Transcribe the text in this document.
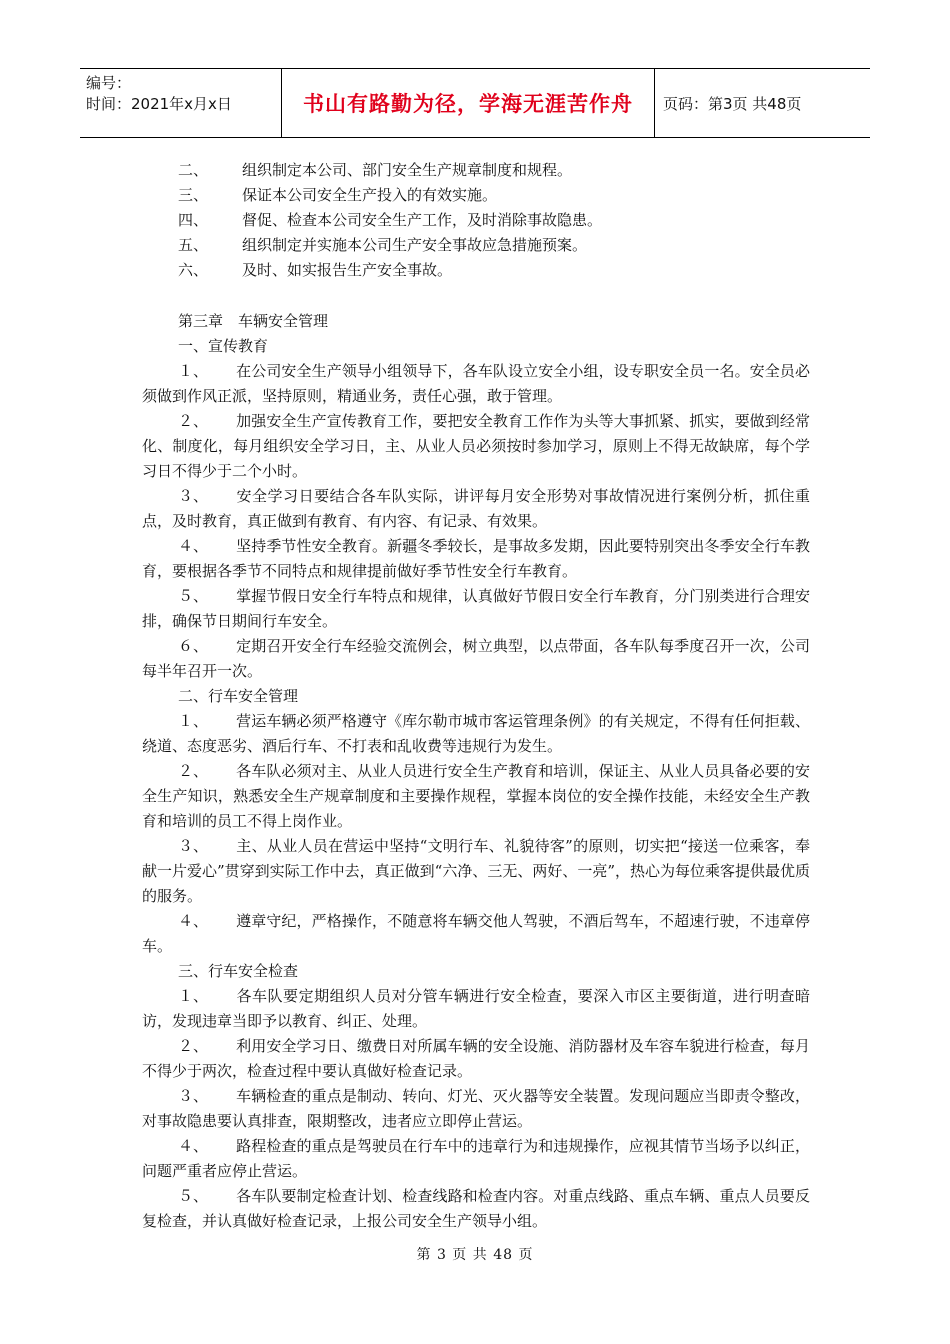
编号：
时间：2021年x月x日	书山有路勤为径，学海无涯苦作舟	页码：第3页 共48页

二、 组织制定本公司、部门安全生产规章制度和规程。

三、 保证本公司安全生产投入的有效实施。

四、 督促、检查本公司安全生产工作，及时消除事故隐患。

五、 组织制定并实施本公司生产安全事故应急措施预案。

六、 及时、如实报告生产安全事故。

第三章　车辆安全管理

一、宣传教育

１、 在公司安全生产领导小组领导下，各车队设立安全小组，设专职安全员一名。安全员必须做到作风正派，坚持原则，精通业务，责任心强，敢于管理。

２、 加强安全生产宣传教育工作，要把安全教育工作作为头等大事抓紧、抓实，要做到经常化、制度化，每月组织安全学习日，主、从业人员必须按时参加学习，原则上不得无故缺席，每个学习日不得少于二个小时。

３、 安全学习日要结合各车队实际，讲评每月安全形势对事故情况进行案例分析，抓住重点，及时教育，真正做到有教育、有内容、有记录、有效果。

４、 坚持季节性安全教育。新疆冬季较长，是事故多发期，因此要特别突出冬季安全行车教育，要根据各季节不同特点和规律提前做好季节性安全行车教育。

５、 掌握节假日安全行车特点和规律，认真做好节假日安全行车教育，分门别类进行合理安排，确保节日期间行车安全。

６、 定期召开安全行车经验交流例会，树立典型，以点带面，各车队每季度召开一次，公司每半年召开一次。

二、行车安全管理

１、 营运车辆必须严格遵守《库尔勒市城市客运管理条例》的有关规定，不得有任何拒载、绕道、态度恶劣、酒后行车、不打表和乱收费等违规行为发生。

２、 各车队必须对主、从业人员进行安全生产教育和培训，保证主、从业人员具备必要的安全生产知识，熟悉安全生产规章制度和主要操作规程，掌握本岗位的安全操作技能，未经安全生产教育和培训的员工不得上岗作业。

３、 主、从业人员在营运中坚持“文明行车、礼貌待客”的原则，切实把“接送一位乘客，奉献一片爱心”贯穿到实际工作中去，真正做到“六净、三无、两好、一亮”，热心为每位乘客提供最优质的服务。

４、 遵章守纪，严格操作，不随意将车辆交他人驾驶，不酒后驾车，不超速行驶，不违章停车。

三、行车安全检查

１、 各车队要定期组织人员对分管车辆进行安全检查，要深入市区主要街道，进行明查暗访，发现违章当即予以教育、纠正、处理。

２、 利用安全学习日、缴费日对所属车辆的安全设施、消防器材及车容车貌进行检查，每月不得少于两次，检查过程中要认真做好检查记录。

３、 车辆检查的重点是制动、转向、灯光、灭火器等安全装置。发现问题应当即责令整改，对事故隐患要认真排查，限期整改，违者应立即停止营运。

４、 路程检查的重点是驾驶员在行车中的违章行为和违规操作，应视其情节当场予以纠正，问题严重者应停止营运。

５、 各车队要制定检查计划、检查线路和检查内容。对重点线路、重点车辆、重点人员要反复检查，并认真做好检查记录，上报公司安全生产领导小组。

第 3 页 共 48 页
